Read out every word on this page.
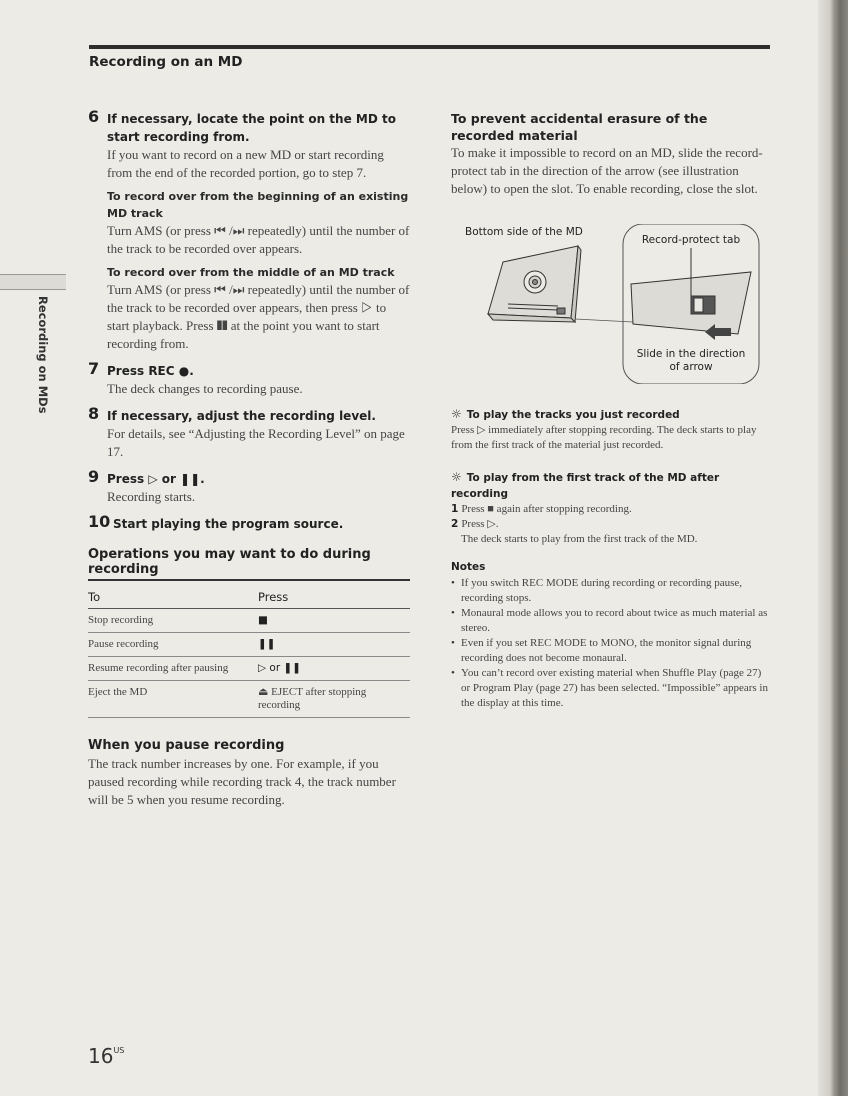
Recording on an MD
Recording on MDs
6 If necessary, locate the point on the MD to start recording from.
If you want to record on a new MD or start recording from the end of the recorded portion, go to step 7.
To record over from the beginning of an existing MD track
Turn AMS (or press ⏮ /⏭ repeatedly) until the number of the track to be recorded over appears.
To record over from the middle of an MD track
Turn AMS (or press ⏮ /⏭ repeatedly) until the number of the track to be recorded over appears, then press ▷ to start playback. Press ❚❚ at the point you want to start recording from.
7 Press REC ●.
The deck changes to recording pause.
8 If necessary, adjust the recording level.
For details, see “Adjusting the Recording Level” on page 17.
9 Press ▷ or ❚❚.
Recording starts.
10 Start playing the program source.
Operations you may want to do during recording
To	Press
Stop recording	■
Pause recording	❚❚
Resume recording after pausing	▷ or ❚❚
Eject the MD	⏏ EJECT after stopping recording
When you pause recording
The track number increases by one. For example, if you paused recording while recording track 4, the track number will be 5 when you resume recording.
To prevent accidental erasure of the recorded material
To make it impossible to record on an MD, slide the record-protect tab in the direction of the arrow (see illustration below) to open the slot. To enable recording, close the slot.
Bottom side of the MD
Record-protect tab
Slide in the direction
of arrow
☼ To play the tracks you just recorded
Press ▷ immediately after stopping recording. The deck starts to play from the first track of the material just recorded.
☼ To play from the first track of the MD after recording
1 Press ■ again after stopping recording.
2 Press ▷.
The deck starts to play from the first track of the MD.
Notes
• If you switch REC MODE during recording or recording pause, recording stops.
• Monaural mode allows you to record about twice as much material as stereo.
• Even if you set REC MODE to MONO, the monitor signal during recording does not become monaural.
• You can’t record over existing material when Shuffle Play (page 27) or Program Play (page 27) has been selected. “Impossible” appears in the display at this time.
$16^{US}$
